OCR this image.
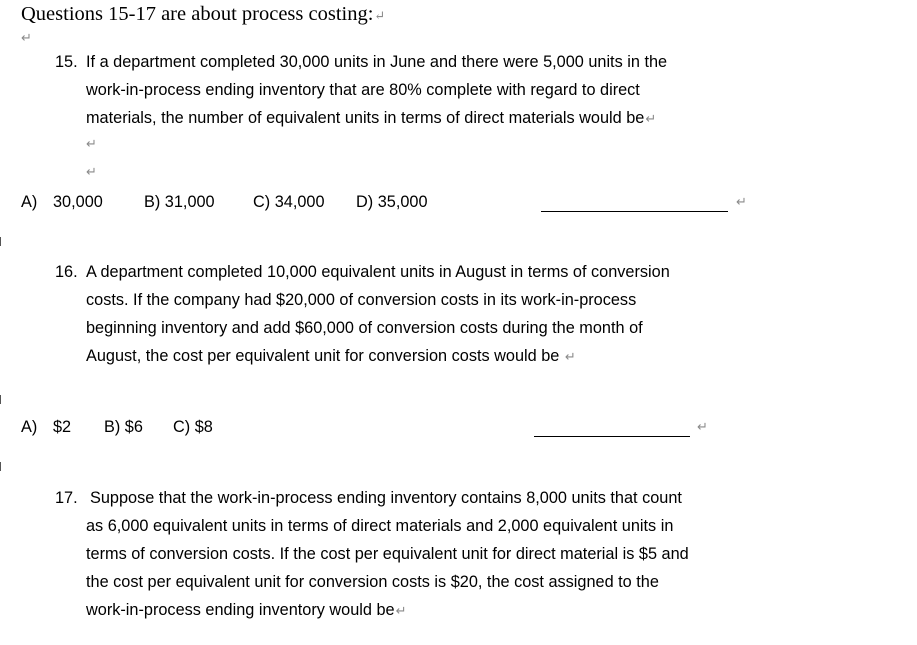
Questions 15-17 are about process costing:↵
↵
15. If a department completed 30,000 units in June and there were 5,000 units in the
work-in-process ending inventory that are 80% complete with regard to direct
materials, the number of equivalent units in terms of direct materials would be↵
↵
↵
A) 30,000	B) 31,000 C) 34,000 D) 35,000	↵
16. A department completed 10,000 equivalent units in August in terms of conversion
costs. If the company had $20,000 of conversion costs in its work-in-process
beginning inventory and add $60,000 of conversion costs during the month of
August, the cost per equivalent unit for conversion costs would be ↵
A) $2 B) $6 C) $8	↵
17. Suppose that the work-in-process ending inventory contains 8,000 units that count
as 6,000 equivalent units in terms of direct materials and 2,000 equivalent units in
terms of conversion costs. If the cost per equivalent unit for direct material is $5 and
the cost per equivalent unit for conversion costs is $20, the cost assigned to the
work-in-process ending inventory would be↵
